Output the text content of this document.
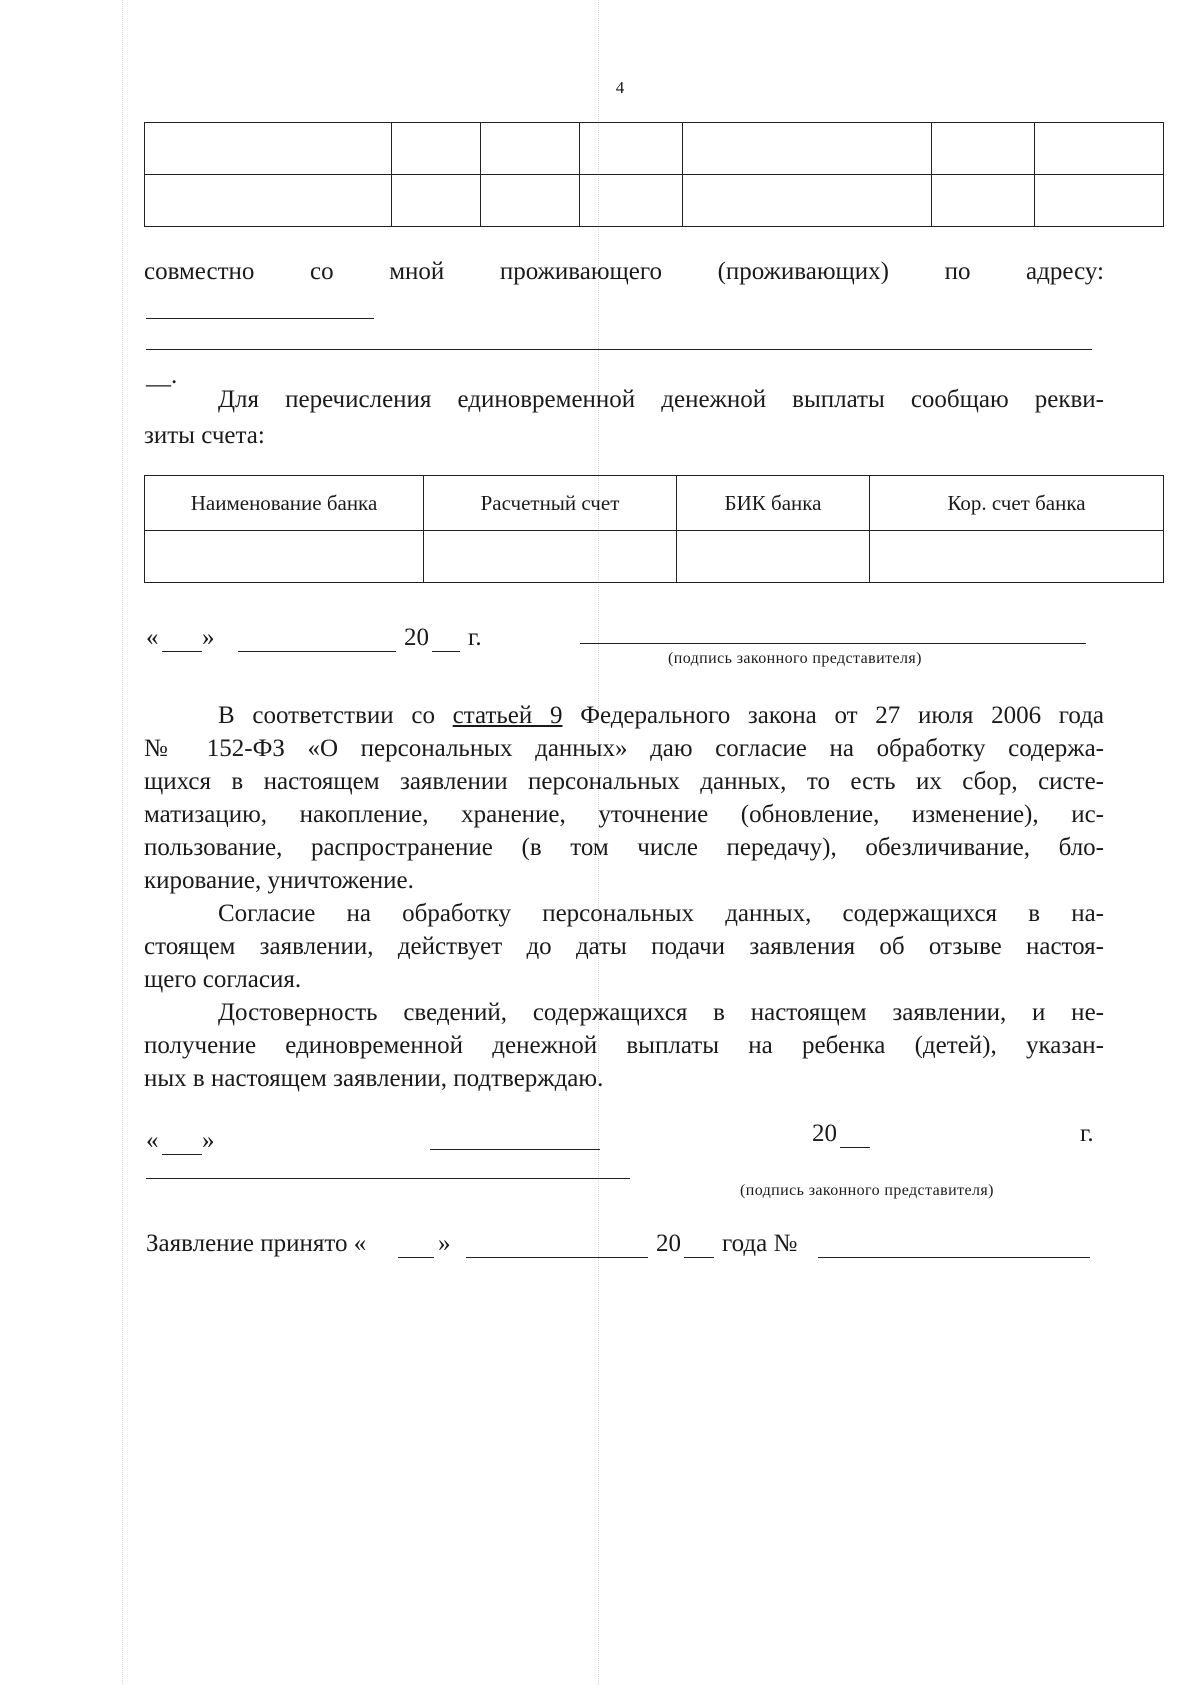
4

совместно со мной проживающего (проживающих) по адресу:
__.
Для перечисления единовременной денежной выплаты сообщаю рекви-
зиты счета:
Наименование банка	Расчетный счет	БИК банка	Кор. счет банка

« »	20 г.
(подпись законного представителя)
В соответствии со статьей 9 Федерального закона от 27 июля 2006 года
№ 152-ФЗ «О персональных данных» даю согласие на обработку содержа-
щихся в настоящем заявлении персональных данных, то есть их сбор, систе-
матизацию, накопление, хранение, уточнение (обновление, изменение), ис-
пользование, распространение (в том числе передачу), обезличивание, бло-
кирование, уничтожение.
Согласие на обработку персональных данных, содержащихся в на-
стоящем заявлении, действует до даты подачи заявления об отзыве настоя-
щего согласия.
Достоверность сведений, содержащихся в настоящем заявлении, и не-
получение единовременной денежной выплаты на ребенка (детей), указан-
ных в настоящем заявлении, подтверждаю.
« »	20	г.
(подпись законного представителя)
Заявление принято «	»	20 года №
